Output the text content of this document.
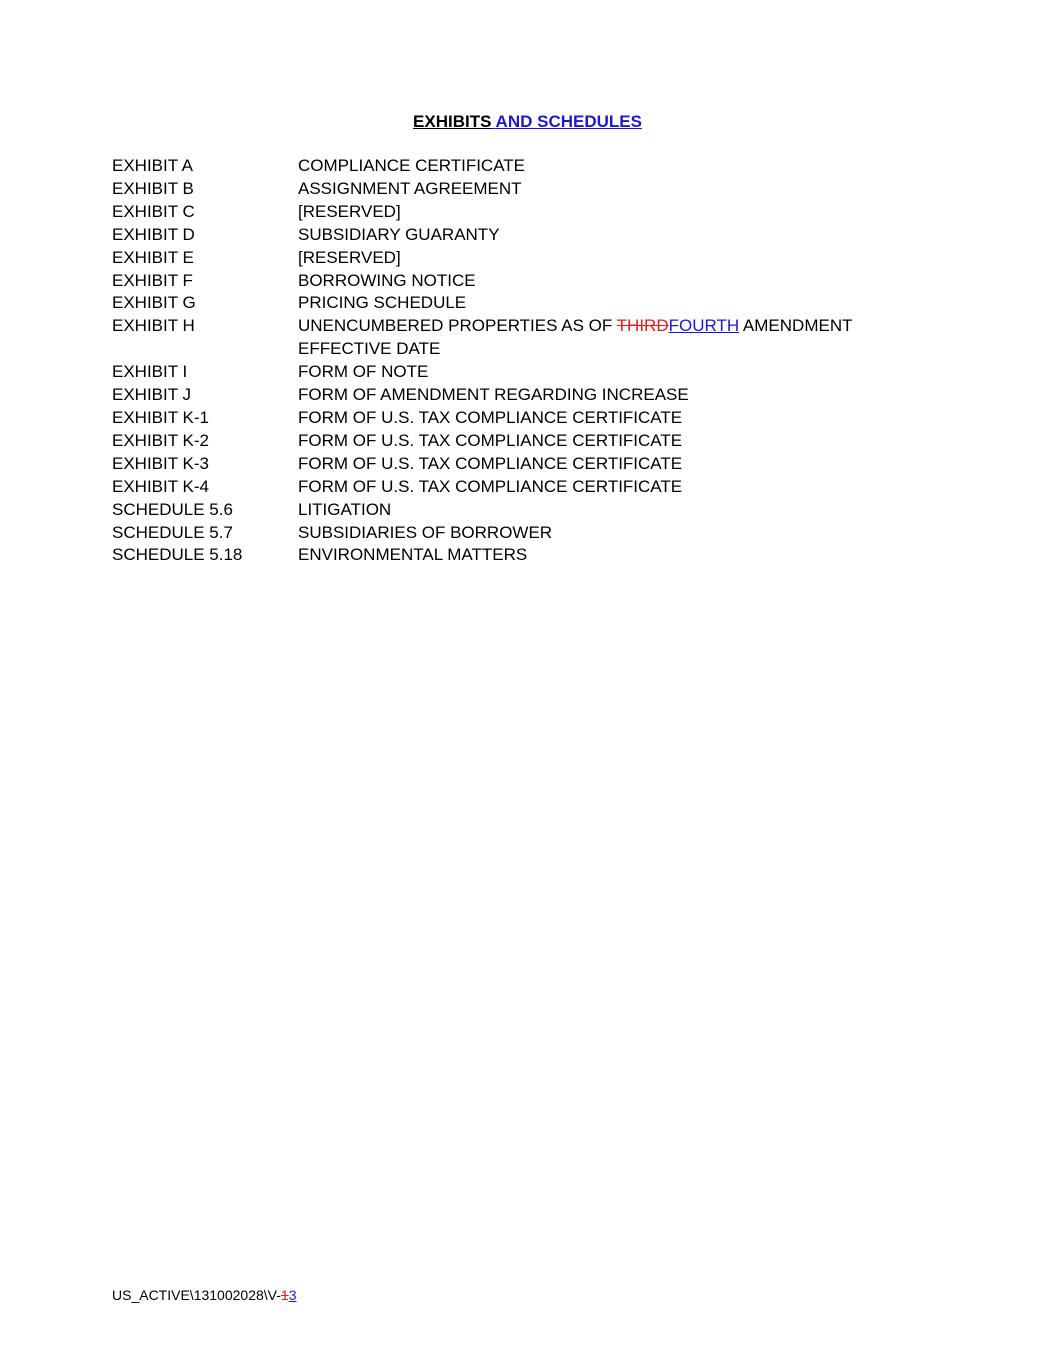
EXHIBITS AND SCHEDULES
EXHIBIT A	COMPLIANCE CERTIFICATE
EXHIBIT B	ASSIGNMENT AGREEMENT
EXHIBIT C	[RESERVED]
EXHIBIT D	SUBSIDIARY GUARANTY
EXHIBIT E	[RESERVED]
EXHIBIT F	BORROWING NOTICE
EXHIBIT G	PRICING SCHEDULE
EXHIBIT H	UNENCUMBERED PROPERTIES AS OF THIRDFOURTH AMENDMENT
EFFECTIVE DATE
EXHIBIT I	FORM OF NOTE
EXHIBIT J	FORM OF AMENDMENT REGARDING INCREASE
EXHIBIT K-1	FORM OF U.S. TAX COMPLIANCE CERTIFICATE
EXHIBIT K-2	FORM OF U.S. TAX COMPLIANCE CERTIFICATE
EXHIBIT K-3	FORM OF U.S. TAX COMPLIANCE CERTIFICATE
EXHIBIT K-4	FORM OF U.S. TAX COMPLIANCE CERTIFICATE
SCHEDULE 5.6	LITIGATION
SCHEDULE 5.7	SUBSIDIARIES OF BORROWER
SCHEDULE 5.18	ENVIRONMENTAL MATTERS
US_ACTIVE\131002028\V-13
